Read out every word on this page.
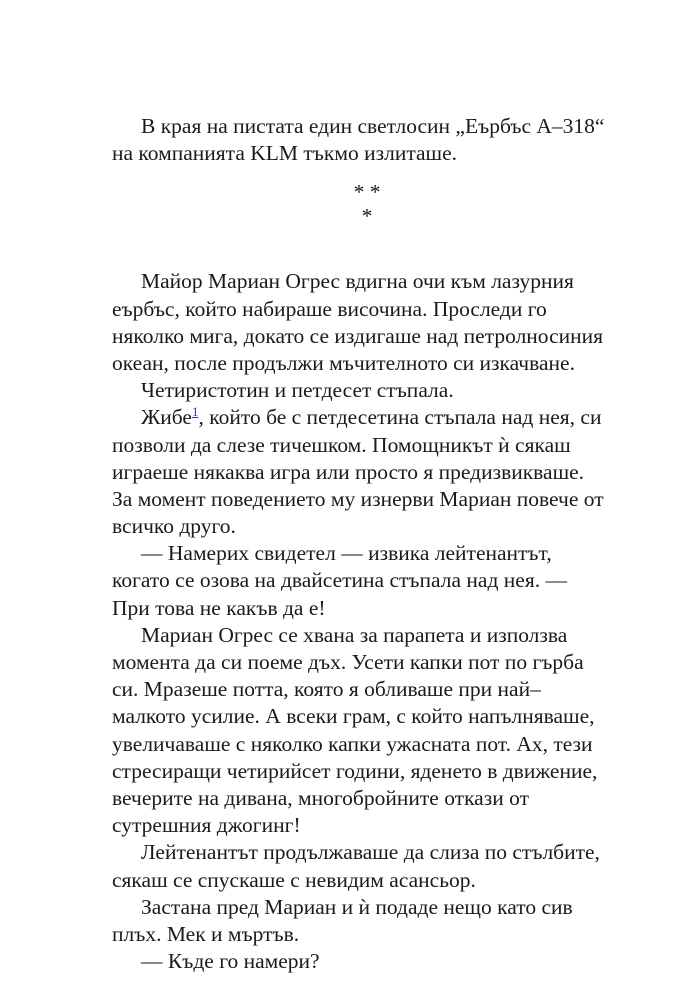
В края на пистата един светлосин „Еърбъс А–318“
на компанията KLM тъкмо излиташе.
* *
*
Майор Мариан Огрес вдигна очи към лазурния
еърбъс, който набираше височина. Проследи го
няколко мига, докато се издигаше над петролносиния
океан, после продължи мъчителното си изкачване.
Четиристотин и петдесет стъпала.
Жибе$^1$, който бе с петдесетина стъпала над нея, си
позволи да слезе тичешком. Помощникът ѝ сякаш
играеше някаква игра или просто я предизвикваше.
За момент поведението му изнерви Мариан повече от
всичко друго.
— Намерих свидетел — извика лейтенантът,
когато се озова на двайсетина стъпала над нея. —
При това не какъв да е!
Мариан Огрес се хвана за парапета и използва
момента да си поеме дъх. Усети капки пот по гърба
си. Мразеше потта, която я обливаше при най–
малкото усилие. А всеки грам, с който напълняваше,
увеличаваше с няколко капки ужасната пот. Ах, тези
стресиращи четирийсет години, яденето в движение,
вечерите на дивана, многобройните откази от
сутрешния джогинг!
Лейтенантът продължаваше да слиза по стълбите,
сякаш се спускаше с невидим асансьор.
Застана пред Мариан и ѝ подаде нещо като сив
плъх. Мек и мъртъв.
— Къде го намери?
